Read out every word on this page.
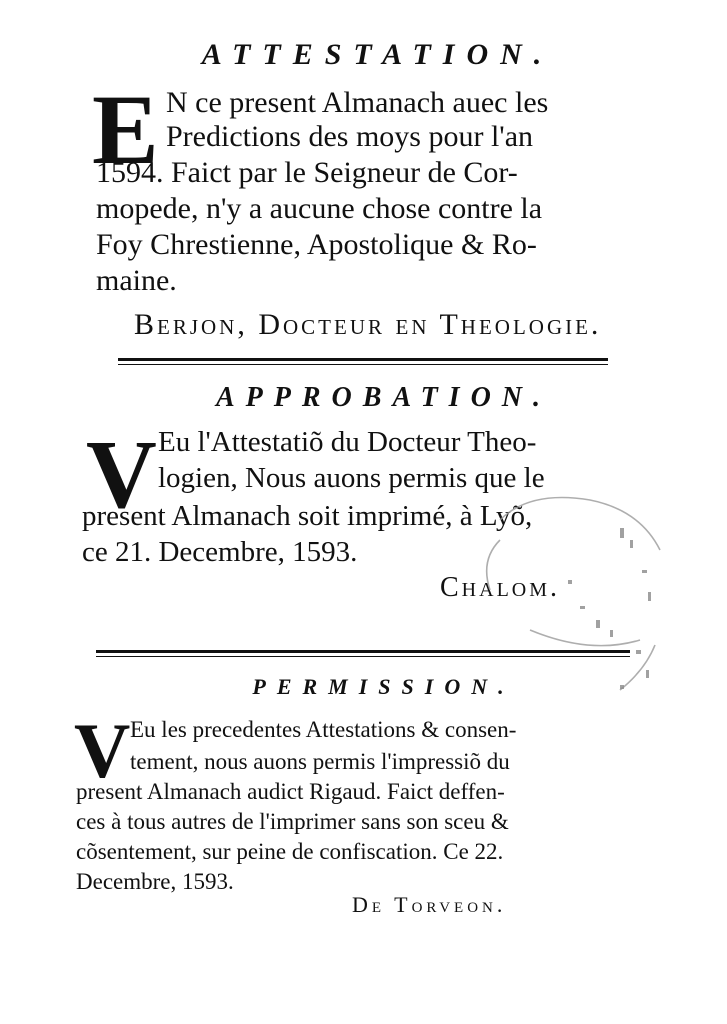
ATTESTATION.
E N ce present Almanach auec les
Predictions des moys pour l'an
1594. Faict par le Seigneur de Cor-
mopede, n'y a aucune chose contre la
Foy Chrestienne, Apostolique & Ro-
maine.
Berjon, Docteur en Theologie.
APPROBATION.
V Eu l'Attestatiõ du Docteur Theo-
logien, Nous auons permis que le
present Almanach soit imprimé, à Lyõ,
ce 21. Decembre, 1593.
Chalom.
PERMISSION.
V Eu les precedentes Attestations & consen-
tement, nous auons permis l'impressiõ du
present Almanach audict Rigaud. Faict deffen-
ces à tous autres de l'imprimer sans son sceu &
cõsentement, sur peine de confiscation. Ce 22.
Decembre, 1593.
De Torveon.
